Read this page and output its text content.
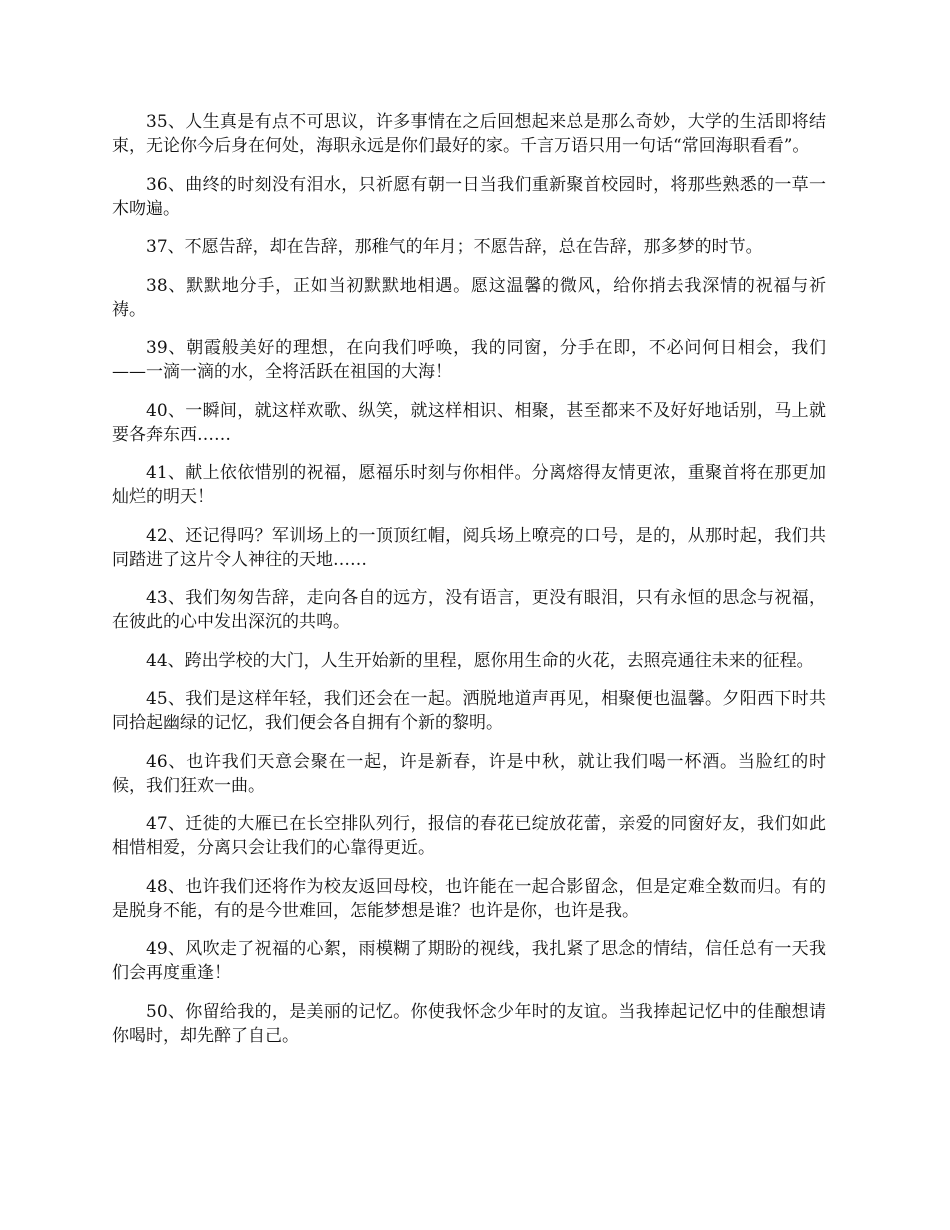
35、人生真是有点不可思议，许多事情在之后回想起来总是那么奇妙，大学的生活即将结束，无论你今后身在何处，海职永远是你们最好的家。千言万语只用一句话“常回海职看看”。

36、曲终的时刻没有泪水，只祈愿有朝一日当我们重新聚首校园时，将那些熟悉的一草一木吻遍。

37、不愿告辞，却在告辞，那稚气的年月；不愿告辞，总在告辞，那多梦的时节。

38、默默地分手，正如当初默默地相遇。愿这温馨的微风，给你捎去我深情的祝福与祈祷。

39、朝霞般美好的理想，在向我们呼唤，我的同窗，分手在即，不必问何日相会，我们——一滴一滴的水，全将活跃在祖国的大海！

40、一瞬间，就这样欢歌、纵笑，就这样相识、相聚，甚至都来不及好好地话别，马上就要各奔东西……

41、献上依依惜别的祝福，愿福乐时刻与你相伴。分离熔得友情更浓，重聚首将在那更加灿烂的明天！

42、还记得吗？军训场上的一顶顶红帽，阅兵场上嘹亮的口号，是的，从那时起，我们共同踏进了这片令人神往的天地……

43、我们匆匆告辞，走向各自的远方，没有语言，更没有眼泪，只有永恒的思念与祝福，在彼此的心中发出深沉的共鸣。

44、跨出学校的大门，人生开始新的里程，愿你用生命的火花，去照亮通往未来的征程。

45、我们是这样年轻，我们还会在一起。洒脱地道声再见，相聚便也温馨。夕阳西下时共同拾起幽绿的记忆，我们便会各自拥有个新的黎明。

46、也许我们天意会聚在一起，许是新春，许是中秋，就让我们喝一杯酒。当脸红的时候，我们狂欢一曲。

47、迁徙的大雁已在长空排队列行，报信的春花已绽放花蕾，亲爱的同窗好友，我们如此相惜相爱，分离只会让我们的心靠得更近。

48、也许我们还将作为校友返回母校，也许能在一起合影留念，但是定难全数而归。有的是脱身不能，有的是今世难回，怎能梦想是谁？也许是你，也许是我。

49、风吹走了祝福的心絮，雨模糊了期盼的视线，我扎紧了思念的情结，信任总有一天我们会再度重逢！

50、你留给我的，是美丽的记忆。你使我怀念少年时的友谊。当我捧起记忆中的佳酿想请你喝时，却先醉了自己。
